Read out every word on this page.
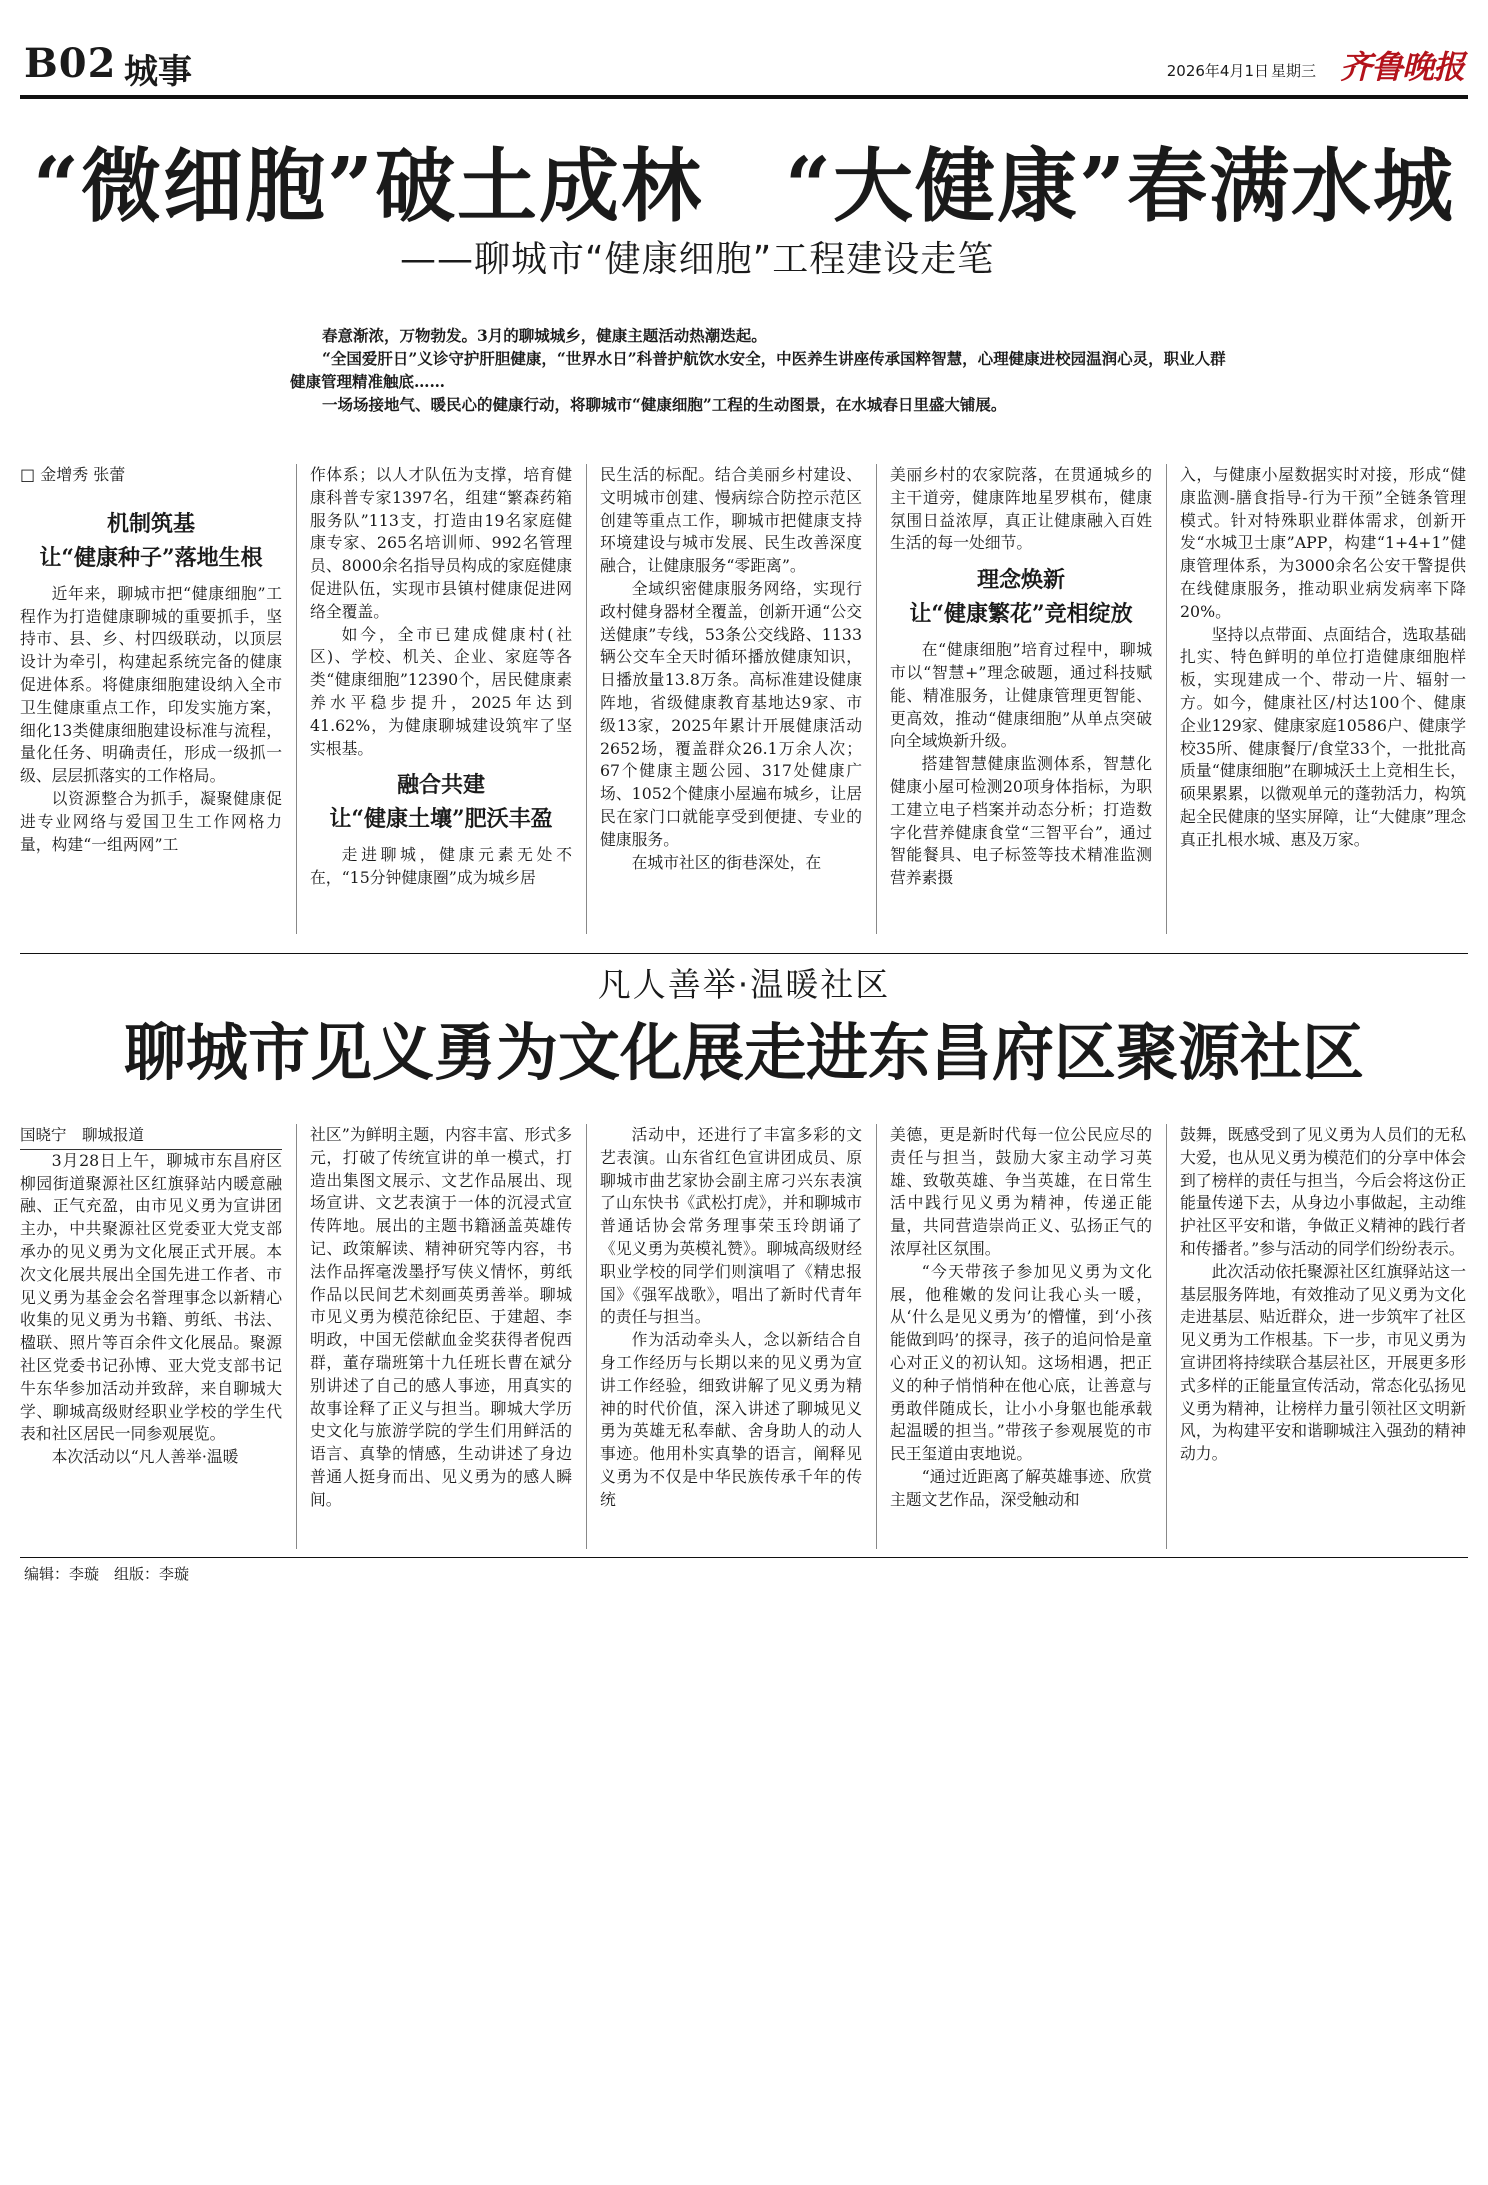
B02 城事	2026年4月1日 星期三 齐鲁晚报
“微细胞”破土成林　“大健康”春满水城
——聊城市“健康细胞”工程建设走笔

春意渐浓，万物勃发。3月的聊城城乡，健康主题活动热潮迭起。

“全国爱肝日”义诊守护肝胆健康，“世界水日”科普护航饮水安全，中医养生讲座传承国粹智慧，心理健康进校园温润心灵，职业人群健康管理精准触底……

一场场接地气、暖民心的健康行动，将聊城市“健康细胞”工程的生动图景，在水城春日里盛大铺展。

□ 金增秀 张蕾

机制筑基
让“健康种子”落地生根

近年来，聊城市把“健康细胞”工程作为打造健康聊城的重要抓手，坚持市、县、乡、村四级联动，以顶层设计为牵引，构建起系统完备的健康促进体系。将健康细胞建设纳入全市卫生健康重点工作，印发实施方案，细化13类健康细胞建设标准与流程，量化任务、明确责任，形成一级抓一级、层层抓落实的工作格局。

以资源整合为抓手，凝聚健康促进专业网络与爱国卫生工作网格力量，构建“一组两网”工

作体系；以人才队伍为支撑，培育健康科普专家1397名，组建“繁森药箱服务队”113支，打造由19名家庭健康专家、265名培训师、992名管理员、8000余名指导员构成的家庭健康促进队伍，实现市县镇村健康促进网络全覆盖。

如今，全市已建成健康村(社区)、学校、机关、企业、家庭等各类“健康细胞”12390个，居民健康素养水平稳步提升，2025年达到41.62%，为健康聊城建设筑牢了坚实根基。

融合共建
让“健康土壤”肥沃丰盈

走进聊城，健康元素无处不在，“15分钟健康圈”成为城乡居

民生活的标配。结合美丽乡村建设、文明城市创建、慢病综合防控示范区创建等重点工作，聊城市把健康支持环境建设与城市发展、民生改善深度融合，让健康服务“零距离”。

全域织密健康服务网络，实现行政村健身器材全覆盖，创新开通“公交送健康”专线，53条公交线路、1133辆公交车全天时循环播放健康知识，日播放量13.8万条。高标准建设健康阵地，省级健康教育基地达9家、市级13家，2025年累计开展健康活动2652场，覆盖群众26.1万余人次；67个健康主题公园、317处健康广场、1052个健康小屋遍布城乡，让居民在家门口就能享受到便捷、专业的健康服务。

在城市社区的街巷深处，在

美丽乡村的农家院落，在贯通城乡的主干道旁，健康阵地星罗棋布，健康氛围日益浓厚，真正让健康融入百姓生活的每一处细节。

理念焕新
让“健康繁花”竞相绽放

在“健康细胞”培育过程中，聊城市以“智慧+”理念破题，通过科技赋能、精准服务，让健康管理更智能、更高效，推动“健康细胞”从单点突破向全域焕新升级。

搭建智慧健康监测体系，智慧化健康小屋可检测20项身体指标，为职工建立电子档案并动态分析；打造数字化营养健康食堂“三智平台”，通过智能餐具、电子标签等技术精准监测营养素摄

入，与健康小屋数据实时对接，形成“健康监测-膳食指导-行为干预”全链条管理模式。针对特殊职业群体需求，创新开发“水城卫士康”APP，构建“1+4+1”健康管理体系，为3000余名公安干警提供在线健康服务，推动职业病发病率下降20%。

坚持以点带面、点面结合，选取基础扎实、特色鲜明的单位打造健康细胞样板，实现建成一个、带动一片、辐射一方。如今，健康社区/村达100个、健康企业129家、健康家庭10586户、健康学校35所、健康餐厅/食堂33个，一批批高质量“健康细胞”在聊城沃土上竞相生长，硕果累累，以微观单元的蓬勃活力，构筑起全民健康的坚实屏障，让“大健康”理念真正扎根水城、惠及万家。

凡人善举·温暖社区
聊城市见义勇为文化展走进东昌府区聚源社区

国晓宁　聊城报道

3月28日上午，聊城市东昌府区柳园街道聚源社区红旗驿站内暖意融融、正气充盈，由市见义勇为宣讲团主办，中共聚源社区党委亚大党支部承办的见义勇为文化展正式开展。本次文化展共展出全国先进工作者、市见义勇为基金会名誉理事念以新精心收集的见义勇为书籍、剪纸、书法、楹联、照片等百余件文化展品。聚源社区党委书记孙博、亚大党支部书记牛东华参加活动并致辞，来自聊城大学、聊城高级财经职业学校的学生代表和社区居民一同参观展览。

本次活动以“凡人善举·温暖

社区”为鲜明主题，内容丰富、形式多元，打破了传统宣讲的单一模式，打造出集图文展示、文艺作品展出、现场宣讲、文艺表演于一体的沉浸式宣传阵地。展出的主题书籍涵盖英雄传记、政策解读、精神研究等内容，书法作品挥毫泼墨抒写侠义情怀，剪纸作品以民间艺术刻画英勇善举。聊城市见义勇为模范徐纪臣、于建超、李明政，中国无偿献血金奖获得者倪西群，董存瑞班第十九任班长曹在斌分别讲述了自己的感人事迹，用真实的故事诠释了正义与担当。聊城大学历史文化与旅游学院的学生们用鲜活的语言、真挚的情感，生动讲述了身边普通人挺身而出、见义勇为的感人瞬间。

活动中，还进行了丰富多彩的文艺表演。山东省红色宣讲团成员、原聊城市曲艺家协会副主席刁兴东表演了山东快书《武松打虎》，并和聊城市普通话协会常务理事荣玉玲朗诵了《见义勇为英模礼赞》。聊城高级财经职业学校的同学们则演唱了《精忠报国》《强军战歌》，唱出了新时代青年的责任与担当。

作为活动牵头人，念以新结合自身工作经历与长期以来的见义勇为宣讲工作经验，细致讲解了见义勇为精神的时代价值，深入讲述了聊城见义勇为英雄无私奉献、舍身助人的动人事迹。他用朴实真挚的语言，阐释见义勇为不仅是中华民族传承千年的传统

美德，更是新时代每一位公民应尽的责任与担当，鼓励大家主动学习英雄、致敬英雄、争当英雄，在日常生活中践行见义勇为精神，传递正能量，共同营造崇尚正义、弘扬正气的浓厚社区氛围。

“今天带孩子参加见义勇为文化展，他稚嫩的发问让我心头一暖，从‘什么是见义勇为’的懵懂，到‘小孩能做到吗’的探寻，孩子的追问恰是童心对正义的初认知。这场相遇，把正义的种子悄悄种在他心底，让善意与勇敢伴随成长，让小小身躯也能承载起温暖的担当。”带孩子参观展览的市民王玺道由衷地说。

“通过近距离了解英雄事迹、欣赏主题文艺作品，深受触动和

鼓舞，既感受到了见义勇为人员们的无私大爱，也从见义勇为模范们的分享中体会到了榜样的责任与担当，今后会将这份正能量传递下去，从身边小事做起，主动维护社区平安和谐，争做正义精神的践行者和传播者。”参与活动的同学们纷纷表示。

此次活动依托聚源社区红旗驿站这一基层服务阵地，有效推动了见义勇为文化走进基层、贴近群众，进一步筑牢了社区见义勇为工作根基。下一步，市见义勇为宣讲团将持续联合基层社区，开展更多形式多样的正能量宣传活动，常态化弘扬见义勇为精神，让榜样力量引领社区文明新风，为构建平安和谐聊城注入强劲的精神动力。

编辑：李璇　组版：李璇
